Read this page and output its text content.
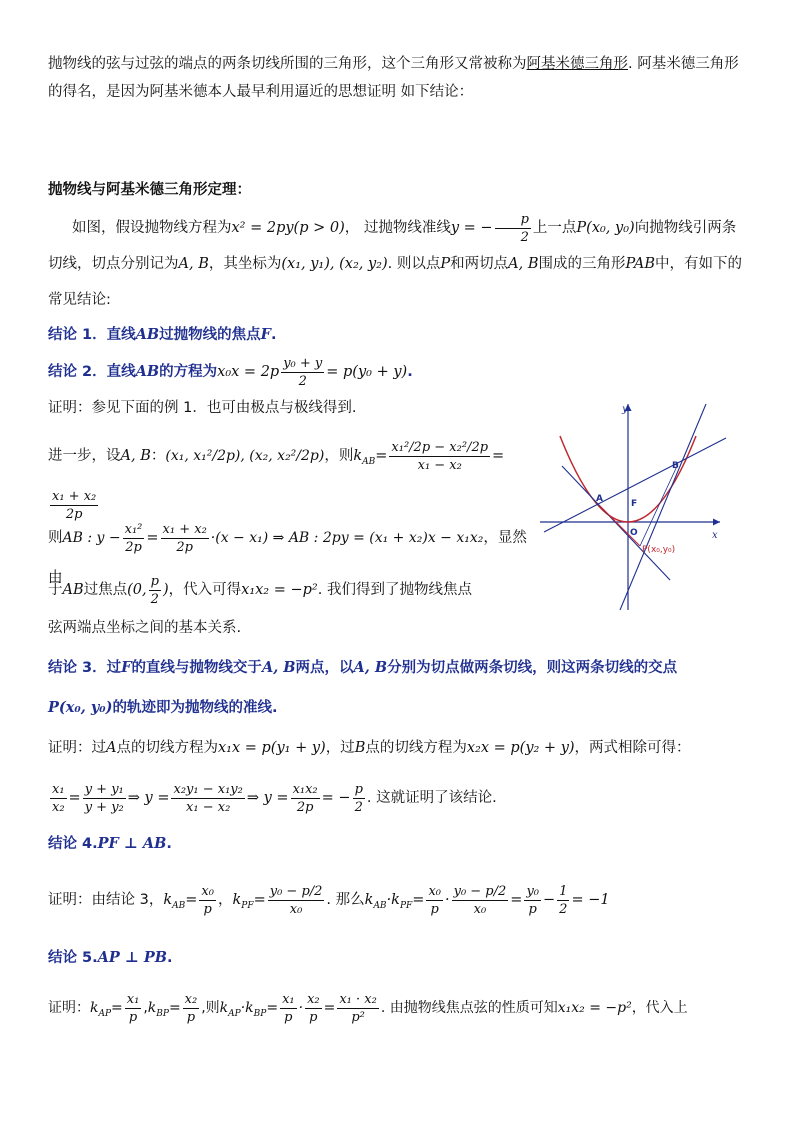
抛物线的弦与过弦的端点的两条切线所围的三角形，这个三角形又常被称为阿基米德三角形. 阿基米德三角形的得名，是因为阿基米德本人最早利用逼近的思想证明 如下结论：
抛物线与阿基米德三角形定理：
如图，假设抛物线方程为x² = 2py(p > 0)， 过抛物线准线y = − $\frac{p}{2}$ 上一点P(x₀, y₀)向抛物线引两条切线，切点分别记为A, B，其坐标为(x₁, y₁), (x₂, y₂). 则以点P和两切点A, B围成的三角形PAB中，有如下的常见结论:
结论 1．直线AB过抛物线的焦点F.
结论 2．直线AB的方程为$x_0x = 2p \frac{\text{y₀ + y}}{2} = p(y_0 + y)$.
证明：参见下面的例 1．也可由极点与极线得到.
进一步，设A, B：(x₁, x₁²/2p), (x₂, x₂²/2p)，则$k_{AB}= \frac{\text{x₁²/2p − x₂²/2p}}{\text{x₁ − x₂}}$ =
$\frac{\text{x₁ + x₂}}{2p}$
则AB : $y - \frac{\text{x₁²}}{2p} = \frac{\text{x₁ + x₂}}{2p} \cdot(x - x_1)$ ⇒ AB : 2py = (x₁ + x₂)x − x₁x₂，显然由
于AB过焦点(0, $\frac{p}{2}$ )，代入可得x₁x₂ = −p². 我们得到了抛物线焦点
弦两端点坐标之间的基本关系.
结论 3．过F的直线与抛物线交于A, B两点，以A, B分别为切点做两条切线，则这两条切线的交点
P(x₀, y₀)的轨迹即为抛物线的准线.
证明：过A点的切线方程为x₁x = p(y₁ + y)，过B点的切线方程为x₂x = p(y₂ + y)，两式相除可得：
$\frac{\text{x₁}}{\text{x₂}} = \frac{\text{y + y₁}}{\text{y + y₂}}$ ⇒ $y = \frac{\text{x₂y₁ − x₁y₂}}{\text{x₁ − x₂}}$ ⇒ $y = \frac{\text{x₁x₂}}{2p}$ = − $\frac{p}{2}$ . 这就证明了该结论.
结论 4.PF ⊥ AB.
证明：由结论 3，$k_{AB}= \frac{\text{x₀}}{p}$ ，$k_{PF}= \frac{\text{y₀ − p/2}}{\text{x₀}}$ . 那么$k_{AB}\cdot k_{PF}= \frac{\text{x₀}}{p} \cdot \frac{\text{y₀ − p/2}}{\text{x₀}} = \frac{\text{y₀}}{p} - \frac{1}{2} = -1$
结论 5.AP ⊥ PB.
证明：$k_{AP}= \frac{\text{x₁}}{p} ,k_{BP}= \frac{\text{x₂}}{p}$ ,则$k_{AP}\cdot k_{BP}= \frac{\text{x₁}}{p} \cdot \frac{\text{x₂}}{p} = \frac{\text{x₁ · x₂}}{\text{p²}}$ . 由抛物线焦点弦的性质可知x₁x₂ = −p²，代入上
y
x
A
B
F
O
P(x₀,y₀)
